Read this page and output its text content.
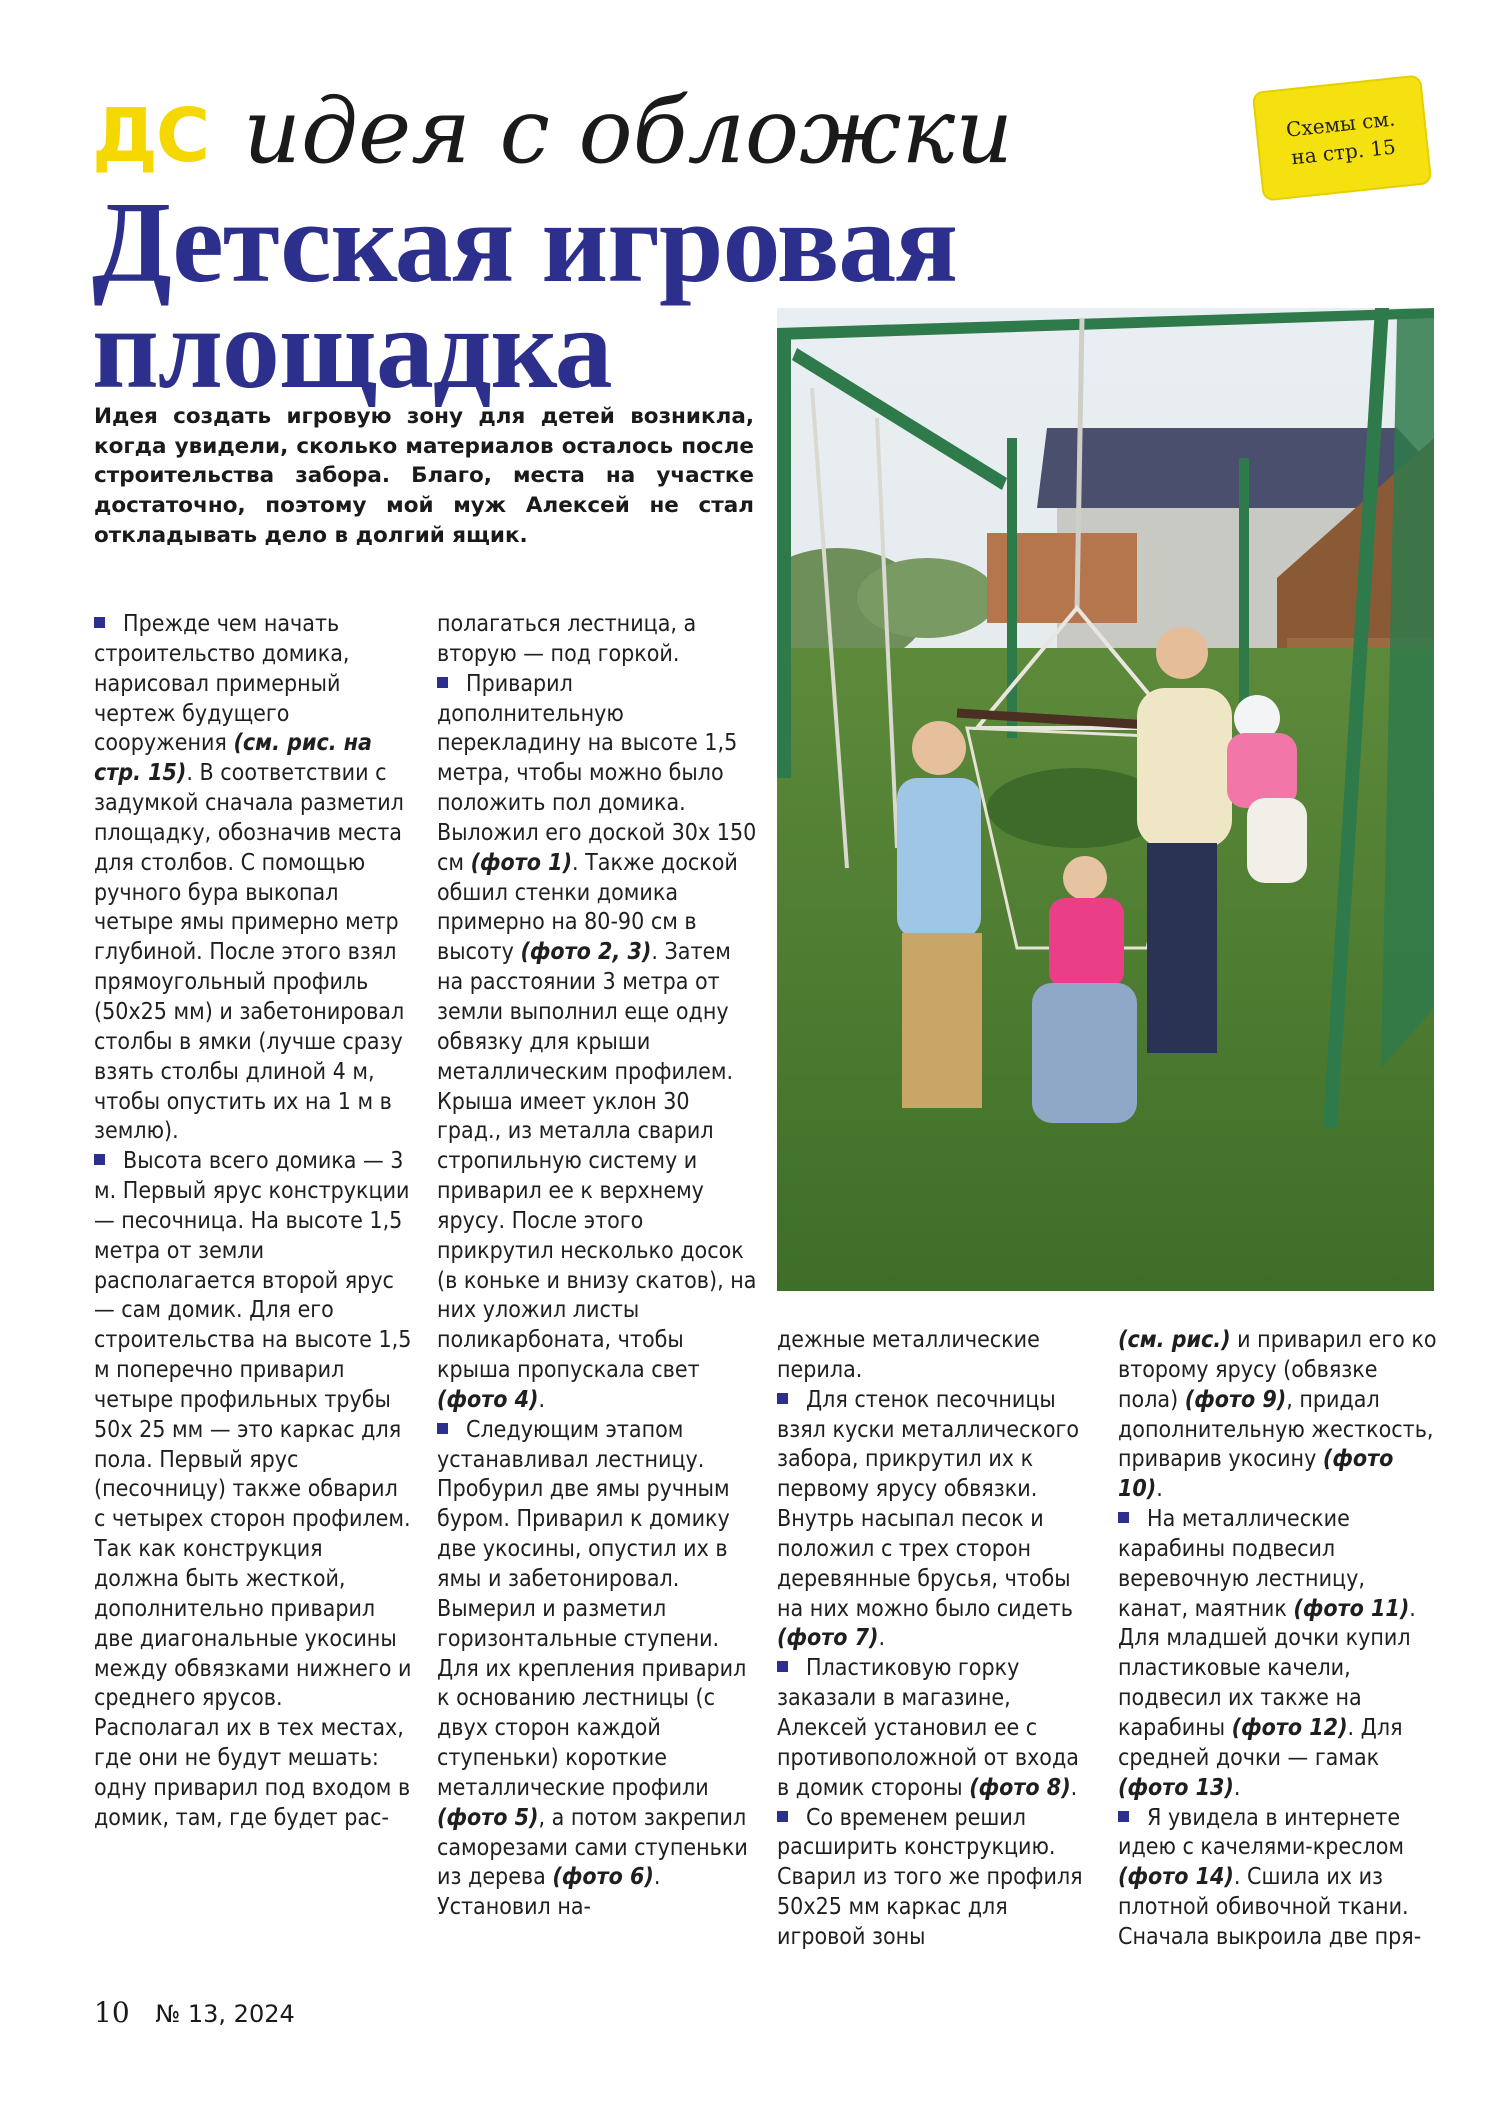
ДС идея с обложки	Схемы см.
на стр. 15
Детская игровая
площадка
Идея создать игровую зону для детей возникла, когда увидели, сколько материалов осталось после строительства забора. Благо, места на участке достаточно, поэтому мой муж Алексей не стал откладывать дело в долгий ящик.

Прежде чем начать строительство домика, нарисовал примерный чертеж будущего сооружения (см. рис. на стр. 15). В соответствии с задумкой сначала разметил площадку, обозначив места для столбов. С помощью ручного бура выкопал четыре ямы примерно метр глубиной. После этого взял прямоугольный профиль (50х25 мм) и забетонировал столбы в ямки (лучше сразу взять столбы длиной 4 м, чтобы опустить их на 1 м в землю).

Высота всего домика — 3 м. Первый ярус конструкции — песочница. На высоте 1,5 метра от земли располагается второй ярус — сам домик. Для его строительства на высоте 1,5 м поперечно приварил четыре профильных трубы 50х 25 мм — это каркас для пола. Первый ярус (песочницу) также обварил с четырех сторон профилем. Так как конструкция должна быть жесткой, дополнительно приварил две диагональные укосины между обвязками нижнего и среднего ярусов. Располагал их в тех местах, где они не будут мешать: одну приварил под входом в домик, там, где будет рас-

полагаться лестница, а вторую — под горкой.

Приварил дополнительную перекладину на высоте 1,5 метра, чтобы можно было положить пол домика. Выложил его доской 30х 150 см (фото 1). Также доской обшил стенки домика примерно на 80-90 см в высоту (фото 2, 3). Затем на расстоянии 3 метра от земли выполнил еще одну обвязку для крыши металлическим профилем. Крыша имеет уклон 30 град., из металла сварил стропильную систему и приварил ее к верхнему ярусу. После этого прикрутил несколько досок (в коньке и внизу скатов), на них уложил листы поликарбоната, чтобы крыша пропускала свет (фото 4).

Следующим этапом устанавливал лестницу. Пробурил две ямы ручным буром. Приварил к домику две укосины, опустил их в ямы и забетонировал. Вымерил и разметил горизонтальные ступени. Для их крепления приварил к основанию лестницы (с двух сторон каждой ступеньки) короткие металлические профили (фото 5), а потом закрепил саморезами сами ступеньки из дерева (фото 6). Установил на-

дежные металлические перила.

Для стенок песочницы взял куски металлического забора, прикрутил их к первому ярусу обвязки. Внутрь насыпал песок и положил с трех сторон деревянные брусья, чтобы на них можно было сидеть (фото 7).

Пластиковую горку заказали в магазине, Алексей установил ее с противоположной от входа в домик стороны (фото 8).

Со временем решил расширить конструкцию. Сварил из того же профиля 50х25 мм каркас для игровой зоны

(см. рис.) и приварил его ко второму ярусу (обвязке пола) (фото 9), придал дополнительную жесткость, приварив укосину (фото 10).

На металлические карабины подвесил веревочную лестницу, канат, маятник (фото 11). Для младшей дочки купил пластиковые качели, подвесил их также на карабины (фото 12). Для средней дочки — гамак (фото 13).

Я увидела в интернете идею с качелями-креслом (фото 14). Сшила их из плотной обивочной ткани. Сначала выкроила две пря-

10 № 13, 2024
